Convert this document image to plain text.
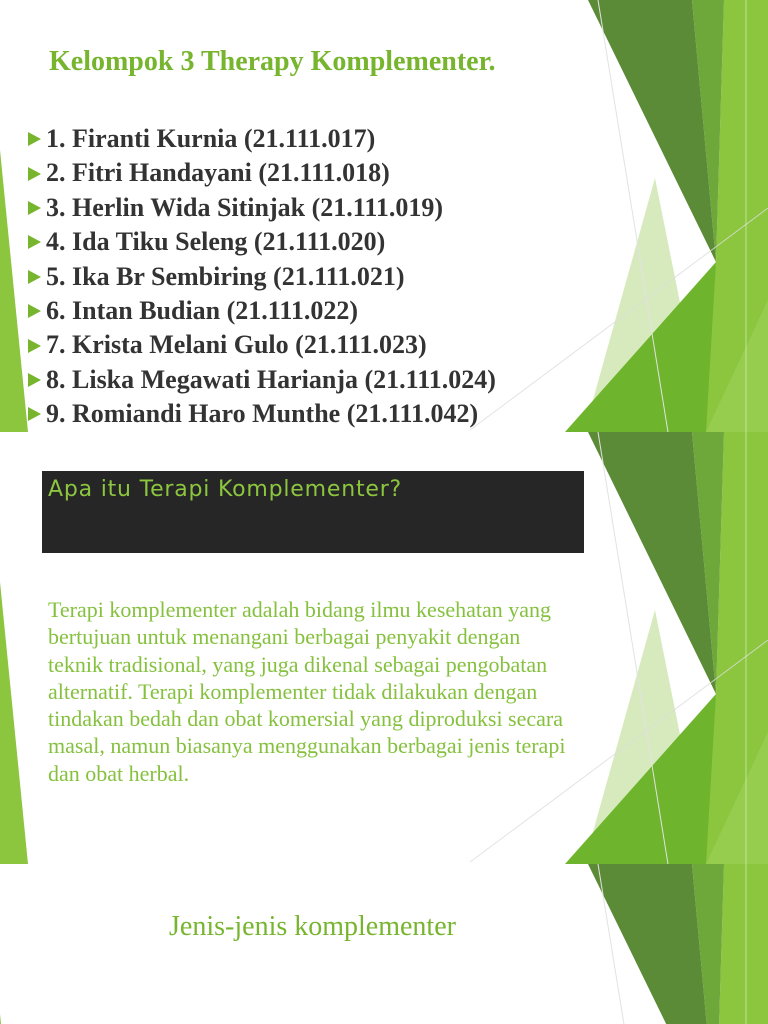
Kelompok 3 Therapy Komplementer.
1. Firanti Kurnia (21.111.017)
2. Fitri Handayani (21.111.018)
3. Herlin Wida Sitinjak (21.111.019)
4. Ida Tiku Seleng (21.111.020)
5. Ika Br Sembiring (21.111.021)
6. Intan Budian (21.111.022)
7. Krista Melani Gulo (21.111.023)
8. Liska Megawati Harianja (21.111.024)
9. Romiandi Haro Munthe (21.111.042)
Apa itu Terapi Komplementer?
Terapi komplementer adalah bidang ilmu kesehatan yang
bertujuan untuk menangani berbagai penyakit dengan
teknik tradisional, yang juga dikenal sebagai pengobatan
alternatif. Terapi komplementer tidak dilakukan dengan
tindakan bedah dan obat komersial yang diproduksi secara
masal, namun biasanya menggunakan berbagai jenis terapi
dan obat herbal.
Jenis-jenis komplementer
